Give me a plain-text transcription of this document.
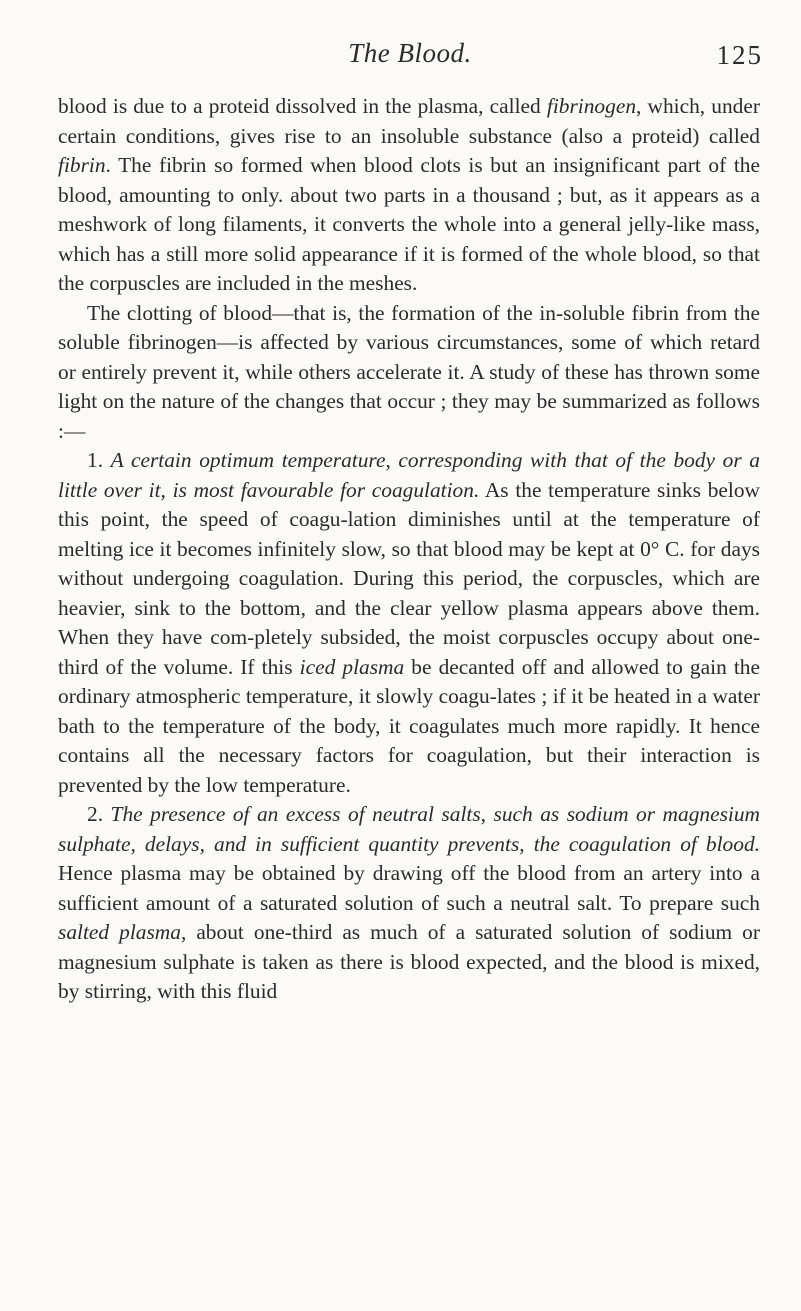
The Blood.	125

blood is due to a proteid dissolved in the plasma, called fibrinogen, which, under certain conditions, gives rise to an insoluble substance (also a proteid) called fibrin. The fibrin so formed when blood clots is but an insignificant part of the blood, amounting to only. about two parts in a thousand ; but, as it appears as a meshwork of long filaments, it converts the whole into a general jelly-like mass, which has a still more solid appearance if it is formed of the whole blood, so that the corpuscles are included in the meshes.

The clotting of blood—that is, the formation of the in-soluble fibrin from the soluble fibrinogen—is affected by various circumstances, some of which retard or entirely prevent it, while others accelerate it. A study of these has thrown some light on the nature of the changes that occur ; they may be summarized as follows :—

1. A certain optimum temperature, corresponding with that of the body or a little over it, is most favourable for coagulation. As the temperature sinks below this point, the speed of coagu-lation diminishes until at the temperature of melting ice it becomes infinitely slow, so that blood may be kept at 0° C. for days without undergoing coagulation. During this period, the corpuscles, which are heavier, sink to the bottom, and the clear yellow plasma appears above them. When they have com-pletely subsided, the moist corpuscles occupy about one-third of the volume. If this iced plasma be decanted off and allowed to gain the ordinary atmospheric temperature, it slowly coagu-lates ; if it be heated in a water bath to the temperature of the body, it coagulates much more rapidly. It hence contains all the necessary factors for coagulation, but their interaction is prevented by the low temperature.

2. The presence of an excess of neutral salts, such as sodium or magnesium sulphate, delays, and in sufficient quantity prevents, the coagulation of blood. Hence plasma may be obtained by drawing off the blood from an artery into a sufficient amount of a saturated solution of such a neutral salt. To prepare such salted plasma, about one-third as much of a saturated solution of sodium or magnesium sulphate is taken as there is blood expected, and the blood is mixed, by stirring, with this fluid
